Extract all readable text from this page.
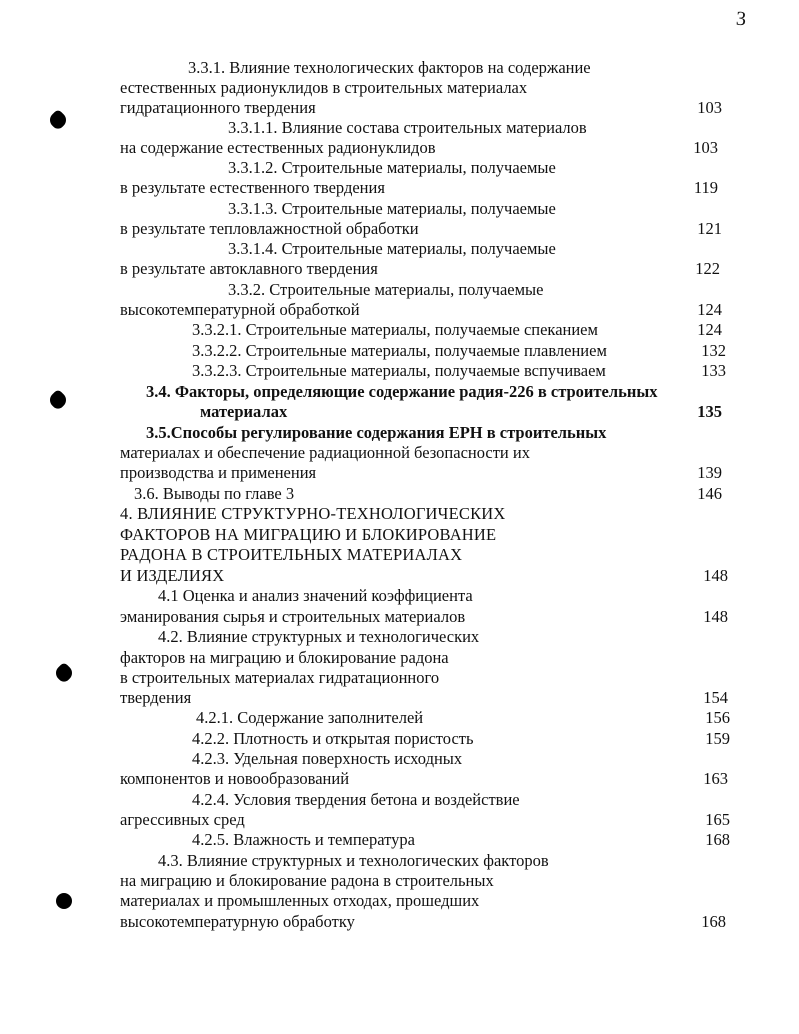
3
3.3.1. Влияние технологических факторов на содержание
естественных радионуклидов в строительных материалах
гидратационного твердения	103
3.3.1.1. Влияние состава строительных материалов
на содержание естественных радионуклидов	103
3.3.1.2. Строительные материалы, получаемые
в результате естественного твердения	119
3.3.1.3. Строительные материалы, получаемые
в результате тепловлажностной обработки	121
3.3.1.4. Строительные материалы, получаемые
в результате автоклавного твердения	122
3.3.2. Строительные материалы, получаемые
высокотемпературной обработкой	124
3.3.2.1. Строительные материалы, получаемые спеканием	124
3.3.2.2. Строительные материалы, получаемые плавлением	132
3.3.2.3. Строительные материалы, получаемые вспучиваем	133
3.4. Факторы, определяющие содержание радия-226 в строительных
материалах	135
3.5.Способы регулирование содержания ЕРН в строительных
материалах и обеспечение радиационной безопасности их
производства и применения	139
3.6. Выводы по главе 3	146
4. ВЛИЯНИЕ СТРУКТУРНО-ТЕХНОЛОГИЧЕСКИХ
ФАКТОРОВ НА МИГРАЦИЮ И БЛОКИРОВАНИЕ
РАДОНА В СТРОИТЕЛЬНЫХ МАТЕРИАЛАХ
И ИЗДЕЛИЯХ	148
4.1 Оценка и анализ значений коэффициента
эманирования сырья и строительных материалов	148
4.2. Влияние структурных и технологических
факторов на миграцию и блокирование радона
в строительных материалах гидратационного
твердения	154
4.2.1. Содержание заполнителей	156
4.2.2. Плотность и открытая пористость	159
4.2.3. Удельная поверхность исходных
компонентов и новообразований	163
4.2.4. Условия твердения бетона и воздействие
агрессивных сред	165
4.2.5. Влажность и температура	168
4.3. Влияние структурных и технологических факторов
на миграцию и блокирование радона в строительных
материалах и промышленных отходах, прошедших
высокотемпературную обработку	168
